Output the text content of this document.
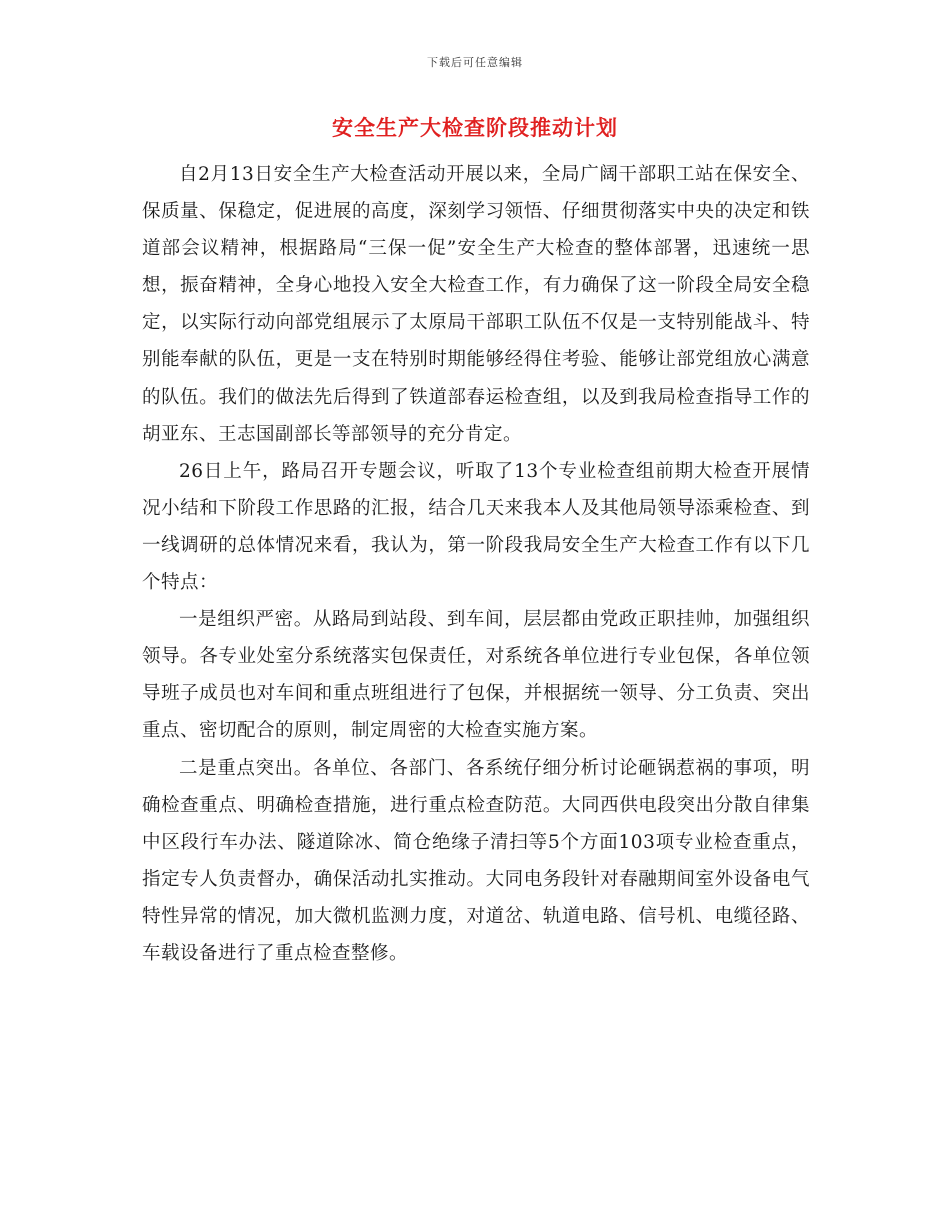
下载后可任意编辑
安全生产大检查阶段推动计划

自2月13日安全生产大检查活动开展以来，全局广阔干部职工站在保安全、保质量、保稳定，促进展的高度，深刻学习领悟、仔细贯彻落实中央的决定和铁道部会议精神，根据路局“三保一促”安全生产大检查的整体部署，迅速统一思想，振奋精神，全身心地投入安全大检查工作，有力确保了这一阶段全局安全稳定，以实际行动向部党组展示了太原局干部职工队伍不仅是一支特别能战斗、特别能奉献的队伍，更是一支在特别时期能够经得住考验、能够让部党组放心满意的队伍。我们的做法先后得到了铁道部春运检查组，以及到我局检查指导工作的胡亚东、王志国副部长等部领导的充分肯定。

26日上午，路局召开专题会议，听取了13个专业检查组前期大检查开展情况小结和下阶段工作思路的汇报，结合几天来我本人及其他局领导添乘检查、到一线调研的总体情况来看，我认为，第一阶段我局安全生产大检查工作有以下几个特点：

一是组织严密。从路局到站段、到车间，层层都由党政正职挂帅，加强组织领导。各专业处室分系统落实包保责任，对系统各单位进行专业包保，各单位领导班子成员也对车间和重点班组进行了包保，并根据统一领导、分工负责、突出重点、密切配合的原则，制定周密的大检查实施方案。

二是重点突出。各单位、各部门、各系统仔细分析讨论砸锅惹祸的事项，明确检查重点、明确检查措施，进行重点检查防范。大同西供电段突出分散自律集中区段行车办法、隧道除冰、简仓绝缘子清扫等5个方面103项专业检查重点，指定专人负责督办，确保活动扎实推动。大同电务段针对春融期间室外设备电气特性异常的情况，加大微机监测力度，对道岔、轨道电路、信号机、电缆径路、车载设备进行了重点检查整修。
